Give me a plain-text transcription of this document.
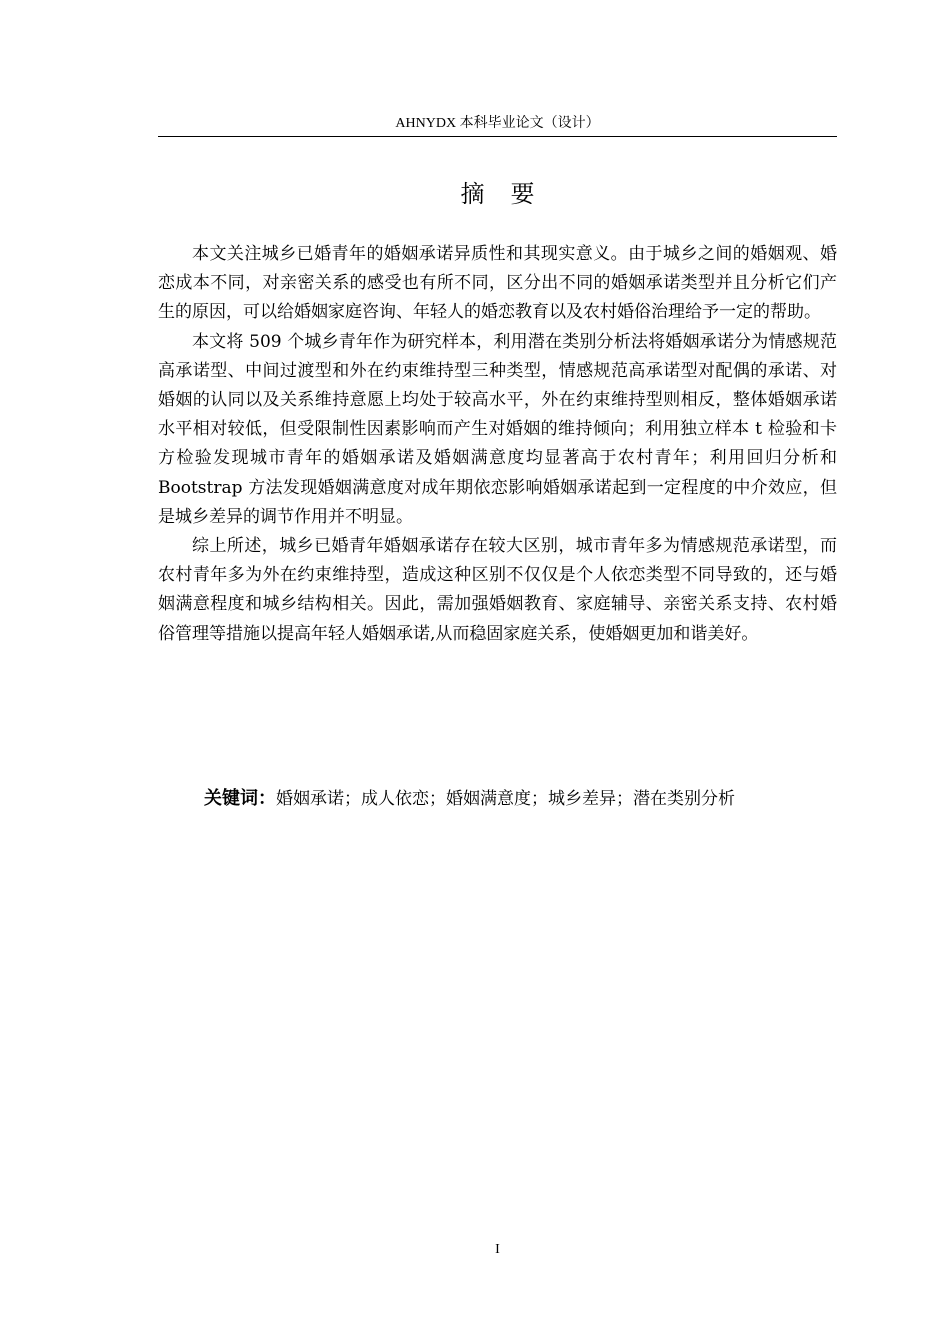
AHNYDX 本科毕业论文（设计）
摘要

本文关注城乡已婚青年的婚姻承诺异质性和其现实意义。由于城乡之间的婚姻观、婚恋成本不同，对亲密关系的感受也有所不同，区分出不同的婚姻承诺类型并且分析它们产生的原因，可以给婚姻家庭咨询、年轻人的婚恋教育以及农村婚俗治理给予一定的帮助。

本文将 509 个城乡青年作为研究样本，利用潜在类别分析法将婚姻承诺分为情感规范高承诺型、中间过渡型和外在约束维持型三种类型，情感规范高承诺型对配偶的承诺、对婚姻的认同以及关系维持意愿上均处于较高水平，外在约束维持型则相反，整体婚姻承诺水平相对较低，但受限制性因素影响而产生对婚姻的维持倾向；利用独立样本 t 检验和卡方检验发现城市青年的婚姻承诺及婚姻满意度均显著高于农村青年；利用回归分析和 Bootstrap 方法发现婚姻满意度对成年期依恋影响婚姻承诺起到一定程度的中介效应，但是城乡差异的调节作用并不明显。

综上所述，城乡已婚青年婚姻承诺存在较大区别，城市青年多为情感规范承诺型，而农村青年多为外在约束维持型，造成这种区别不仅仅是个人依恋类型不同导致的，还与婚姻满意程度和城乡结构相关。因此，需加强婚姻教育、家庭辅导、亲密关系支持、农村婚俗管理等措施以提高年轻人婚姻承诺,从而稳固家庭关系，使婚姻更加和谐美好。

关键词：婚姻承诺；成人依恋；婚姻满意度；城乡差异；潜在类别分析
I
